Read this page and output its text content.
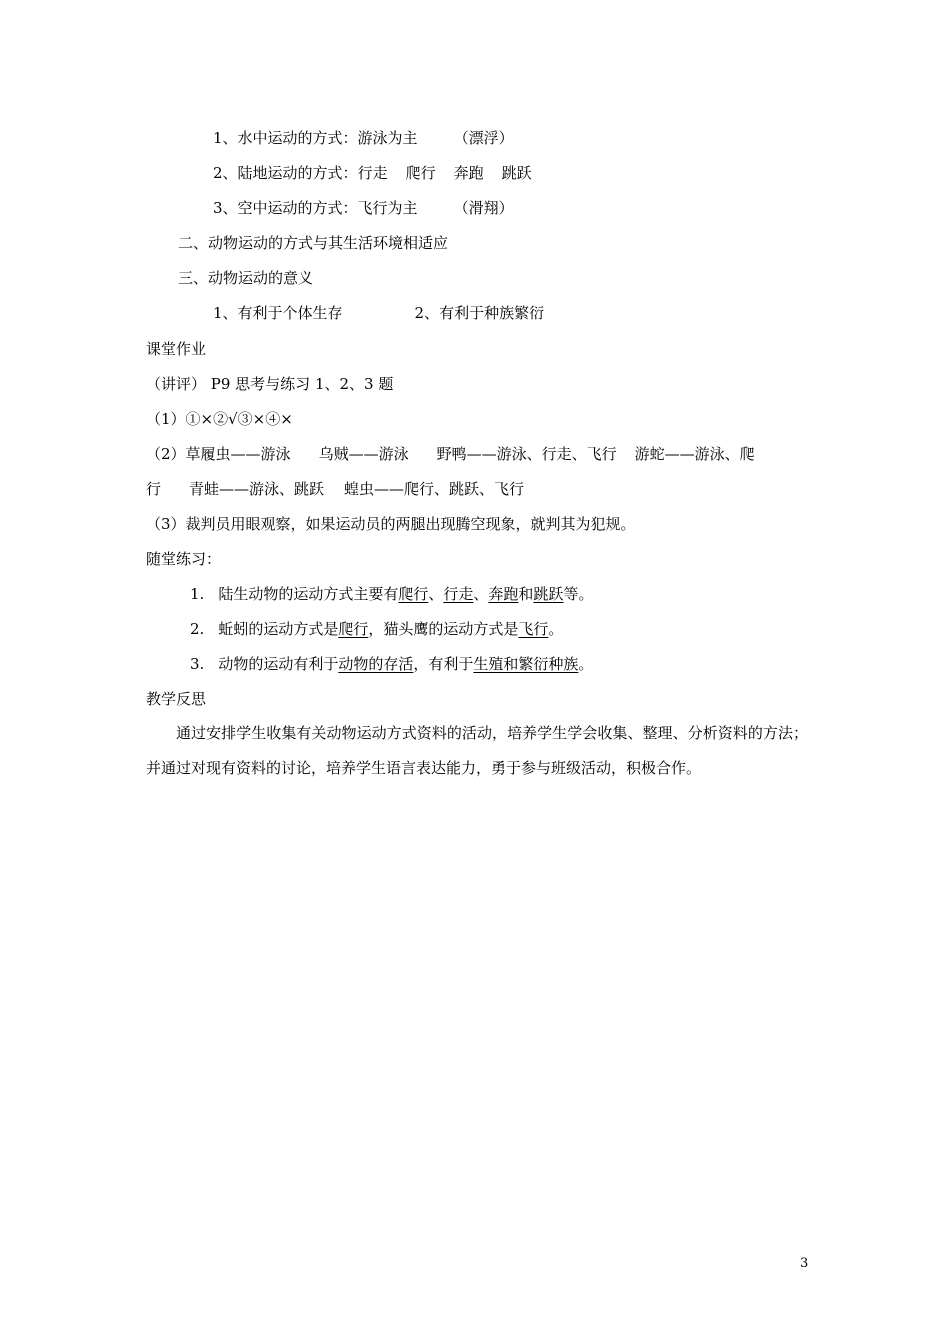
1、水中运动的方式：游泳为主 （漂浮）
2、陆地运动的方式：行走 爬行 奔跑 跳跃
3、空中运动的方式：飞行为主 （滑翔）
二、动物运动的方式与其生活环境相适应
三、动物运动的意义
1、有利于个体生存	2、有利于种族繁衍
课堂作业
（讲评） P9 思考与练习 1、2、3 题
（1）①×②√③×④×
（2）草履虫——游泳 乌贼——游泳 野鸭——游泳、行走、飞行 游蛇——游泳、爬
行 青蛙——游泳、跳跃 蝗虫——爬行、跳跃、飞行
（3）裁判员用眼观察，如果运动员的两腿出现腾空现象，就判其为犯规。
随堂练习：
1. 陆生动物的运动方式主要有爬行、行走、奔跑和跳跃等。
2. 蚯蚓的运动方式是爬行，猫头鹰的运动方式是飞行。
3. 动物的运动有利于动物的存活，有利于生殖和繁衍种族。
教学反思
通过安排学生收集有关动物运动方式资料的活动，培养学生学会收集、整理、分析资料的方法；并通过对现有资料的讨论，培养学生语言表达能力，勇于参与班级活动，积极合作。
3
